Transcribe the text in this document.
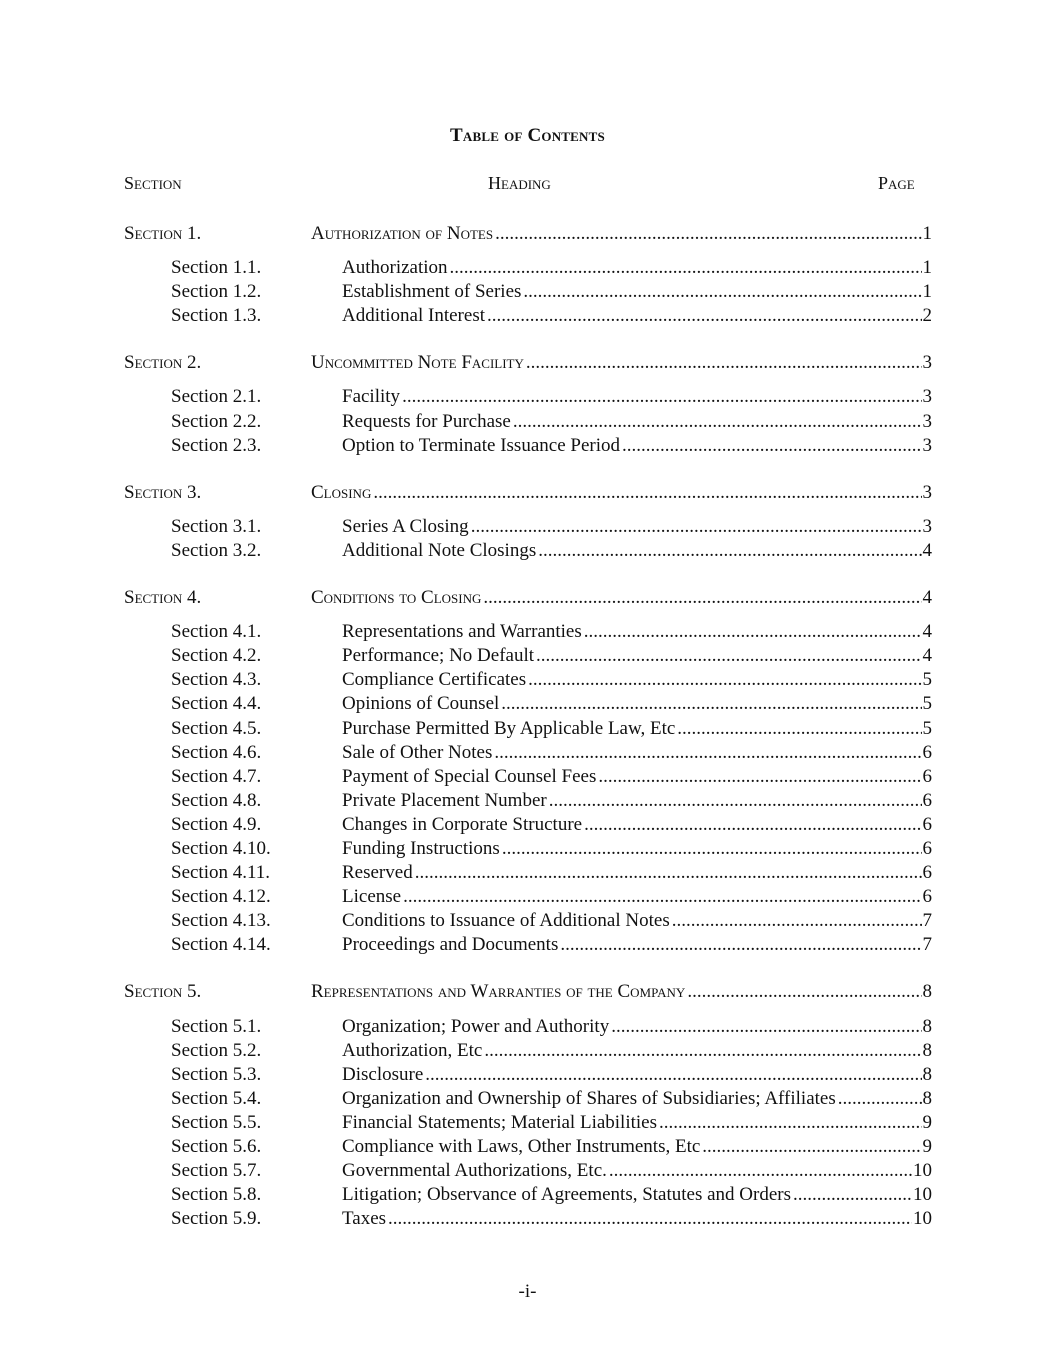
Table of Contents
Section	Heading	Page
Section 1.	Authorization of Notes .....	1
Section 1.1.	Authorization .....	1
Section 1.2.	Establishment of Series .....	1
Section 1.3.	Additional Interest .....	2
Section 2.	Uncommitted Note Facility .....	3
Section 2.1.	Facility .....	3
Section 2.2.	Requests for Purchase .....	3
Section 2.3.	Option to Terminate Issuance Period .....	3
Section 3.	Closing .....	3
Section 3.1.	Series A Closing .....	3
Section 3.2.	Additional Note Closings .....	4
Section 4.	Conditions to Closing .....	4
Section 4.1.	Representations and Warranties .....	4
Section 4.2.	Performance; No Default .....	4
Section 4.3.	Compliance Certificates .....	5
Section 4.4.	Opinions of Counsel .....	5
Section 4.5.	Purchase Permitted By Applicable Law, Etc .....	5
Section 4.6.	Sale of Other Notes .....	6
Section 4.7.	Payment of Special Counsel Fees .....	6
Section 4.8.	Private Placement Number .....	6
Section 4.9.	Changes in Corporate Structure .....	6
Section 4.10.	Funding Instructions .....	6
Section 4.11.	Reserved .....	6
Section 4.12.	License .....	6
Section 4.13.	Conditions to Issuance of Additional Notes .....	7
Section 4.14.	Proceedings and Documents .....	7
Section 5.	Representations and Warranties of the Company .....	8
Section 5.1.	Organization; Power and Authority .....	8
Section 5.2.	Authorization, Etc .....	8
Section 5.3.	Disclosure .....	8
Section 5.4.	Organization and Ownership of Shares of Subsidiaries; Affiliates .....	8
Section 5.5.	Financial Statements; Material Liabilities .....	9
Section 5.6.	Compliance with Laws, Other Instruments, Etc .....	9
Section 5.7.	Governmental Authorizations, Etc. .....	10
Section 5.8.	Litigation; Observance of Agreements, Statutes and Orders .....	10
Section 5.9.	Taxes .....	10
-i-
